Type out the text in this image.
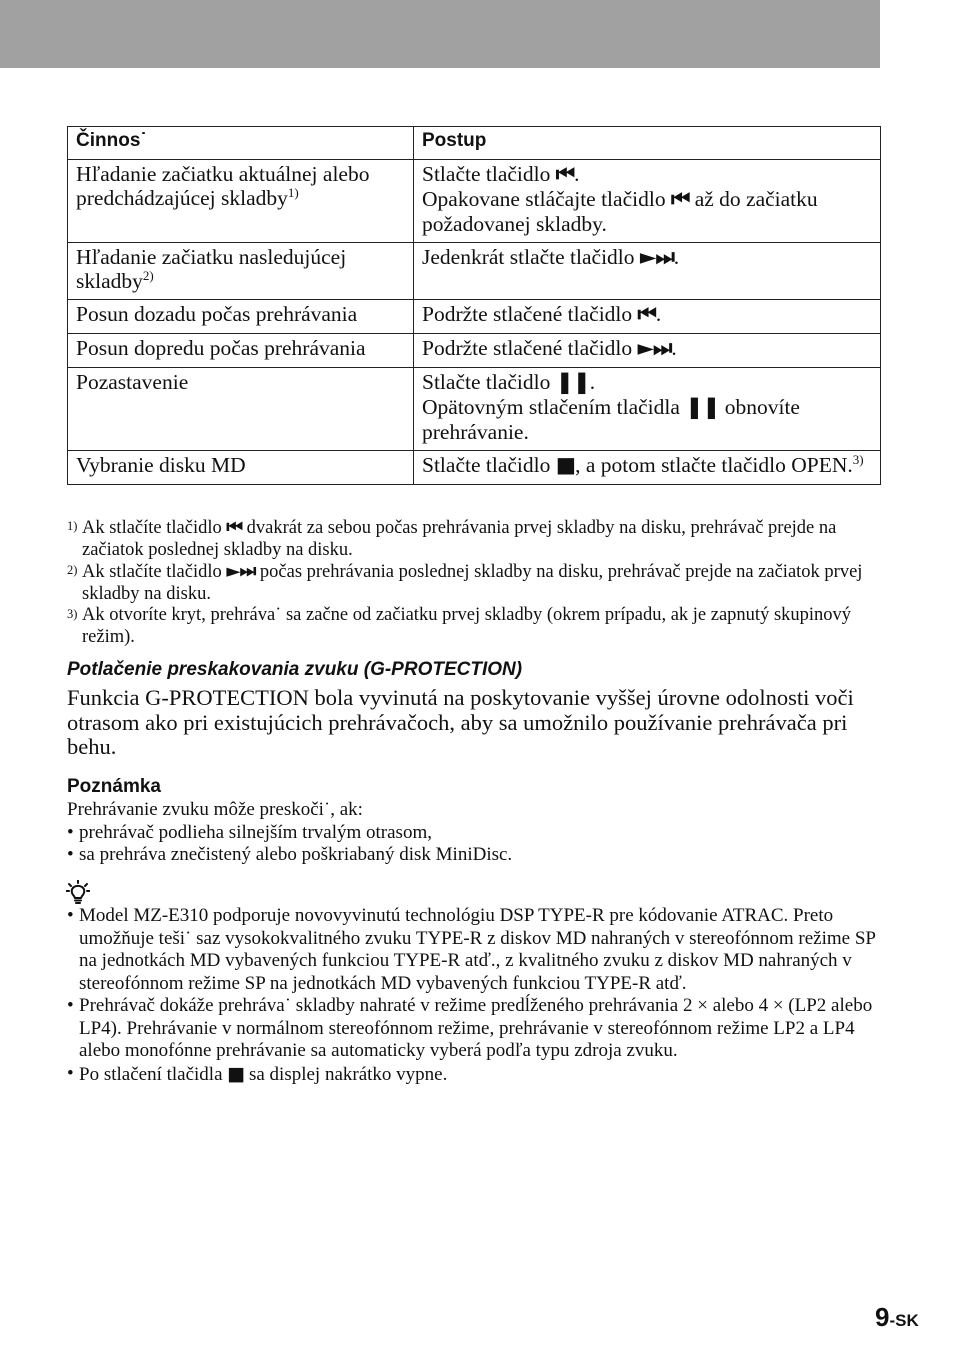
Činnos˙	Postup
Hľadanie začiatku aktuálnej alebo predchádzajúcej skladby$^{1)}$	Stlačte tlačidlo ⏮.
Opakovane stláčajte tlačidlo ⏮ až do začiatku požadovanej skladby.

Hľadanie začiatku nasledujúcej skladby$^{2)}$	Jedenkrát stlačte tlačidlo ►⏭.

Posun dozadu počas prehrávania	Podržte stlačené tlačidlo ⏮.

Posun dopredu počas prehrávania	Podržte stlačené tlačidlo ►⏭.

Pozastavenie	Stlačte tlačidlo ❚❚.
Opätovným stlačením tlačidla ❚❚ obnovíte prehrávanie.

Vybranie disku MD	Stlačte tlačidlo ■, a potom stlačte tlačidlo OPEN.$^{3)}$
1) Ak stlačíte tlačidlo ⏮ dvakrát za sebou počas prehrávania prvej skladby na disku, prehrávač prejde na začiatok poslednej skladby na disku.
2) Ak stlačíte tlačidlo ►⏭ počas prehrávania poslednej skladby na disku, prehrávač prejde na začiatok prvej skladby na disku.
3) Ak otvoríte kryt, prehráva˙ sa začne od začiatku prvej skladby (okrem prípadu, ak je zapnutý skupinový režim).
Potlačenie preskakovania zvuku (G-PROTECTION)
Funkcia G-PROTECTION bola vyvinutá na poskytovanie vyššej úrovne odolnosti voči otrasom ako pri existujúcich prehrávačoch, aby sa umožnilo používanie prehrávača pri behu.
Poznámka
Prehrávanie zvuku môže preskoči˙, ak:
• prehrávač podlieha silnejším trvalým otrasom,
• sa prehráva znečistený alebo poškriabaný disk MiniDisc.
• Model MZ-E310 podporuje novovyvinutú technológiu DSP TYPE-R pre kódovanie ATRAC. Preto umožňuje teši˙ saz vysokokvalitného zvuku TYPE-R z diskov MD nahraných v stereofónnom režime SP na jednotkách MD vybavených funkciou TYPE-R atď., z kvalitného zvuku z diskov MD nahraných v stereofónnom režime SP na jednotkách MD vybavených funkciou TYPE-R atď.
• Prehrávač dokáže prehráva˙ skladby nahraté v režime predĺženého prehrávania 2 × alebo 4 × (LP2 alebo LP4). Prehrávanie v normálnom stereofónnom režime, prehrávanie v stereofónnom režime LP2 a LP4 alebo monofónne prehrávanie sa automaticky vyberá podľa typu zdroja zvuku.
• Po stlačení tlačidla ■ sa displej nakrátko vypne.
9-SK
